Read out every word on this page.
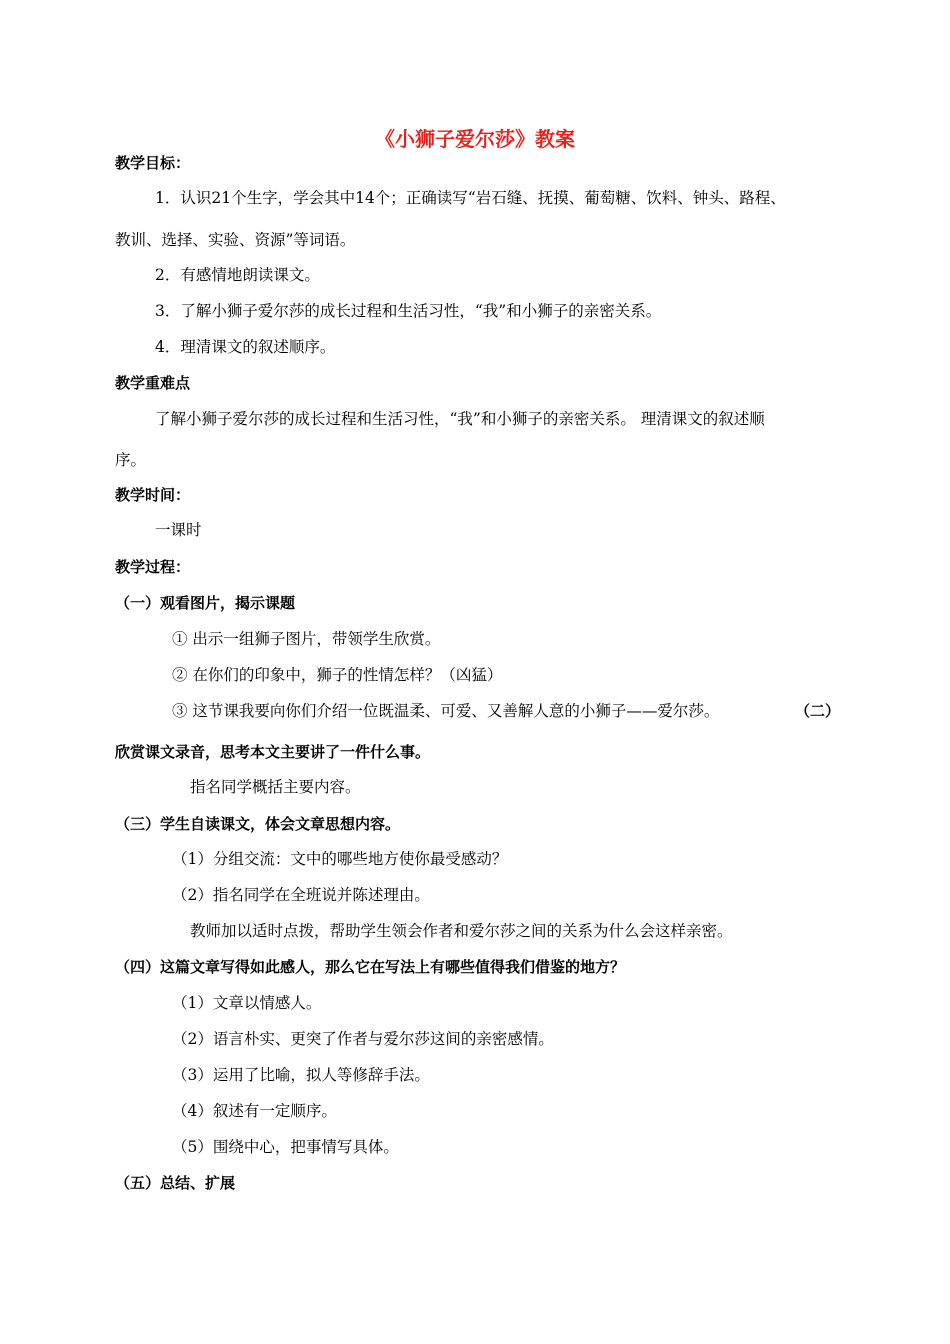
《小狮子爱尔莎》教案
教学目标：
1．认识21个生字，学会其中14个；正确读写“岩石缝、抚摸、葡萄糖、饮料、钟头、路程、
教训、选择、实验、资源”等词语。
2．有感情地朗读课文。
3．了解小狮子爱尔莎的成长过程和生活习性，“我”和小狮子的亲密关系。
4．理清课文的叙述顺序。
教学重难点
了解小狮子爱尔莎的成长过程和生活习性，“我”和小狮子的亲密关系。 理清课文的叙述顺
序。
教学时间：
一课时
教学过程：
（一）观看图片，揭示课题
① 出示一组狮子图片，带领学生欣赏。
② 在你们的印象中，狮子的性情怎样？（凶猛）
③ 这节课我要向你们介绍一位既温柔、可爱、又善解人意的小狮子——爱尔莎。	（二）
欣赏课文录音，思考本文主要讲了一件什么事。
指名同学概括主要内容。
（三）学生自读课文，体会文章思想内容。
（1）分组交流：文中的哪些地方使你最受感动？
（2）指名同学在全班说并陈述理由。
教师加以适时点拨，帮助学生领会作者和爱尔莎之间的关系为什么会这样亲密。
（四）这篇文章写得如此感人，那么它在写法上有哪些值得我们借鉴的地方？
（1）文章以情感人。
（2）语言朴实、更突了作者与爱尔莎这间的亲密感情。
（3）运用了比喻，拟人等修辞手法。
（4）叙述有一定顺序。
（5）围绕中心，把事情写具体。
（五）总结、扩展
